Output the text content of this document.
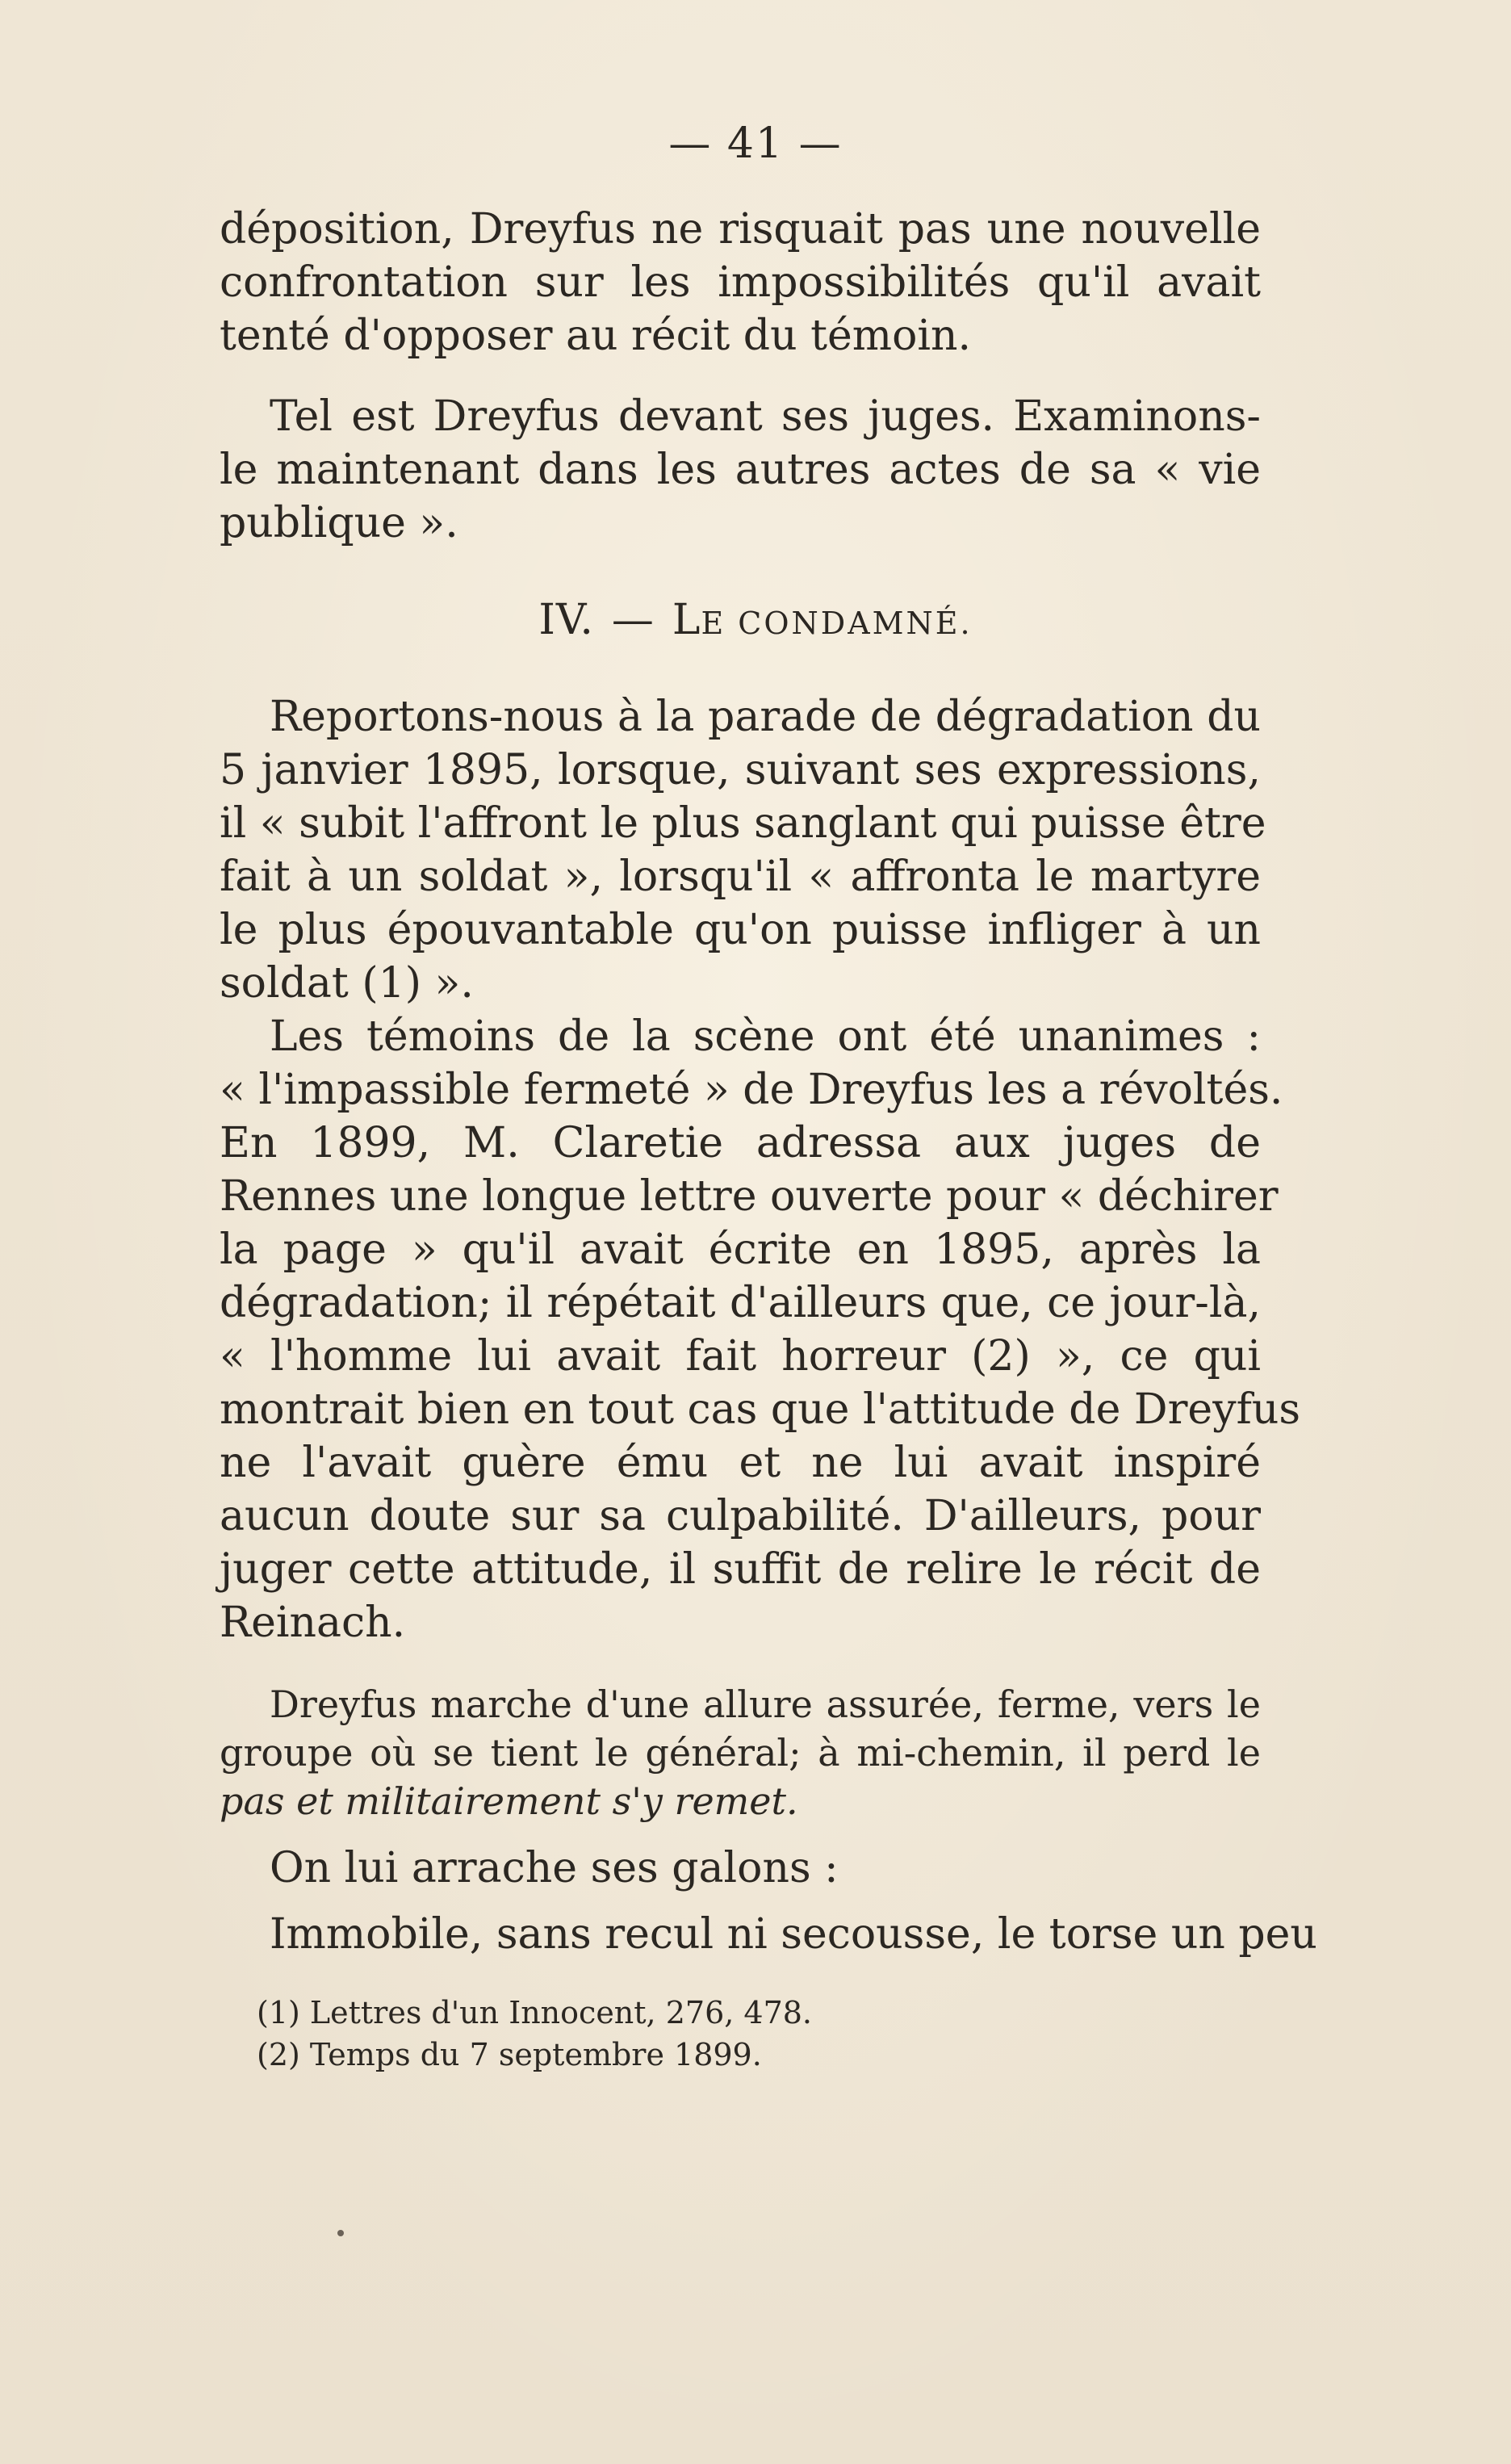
— 41 —
déposition, Dreyfus ne risquait pas une nouvelle
confrontation sur les impossibilités qu'il avait
tenté d'opposer au récit du témoin.
Tel est Dreyfus devant ses juges. Examinons-
le maintenant dans les autres actes de sa « vie
publique ».
IV. — LE CONDAMNÉ.
Reportons-nous à la parade de dégradation du
5 janvier 1895, lorsque, suivant ses expressions,
il « subit l'affront le plus sanglant qui puisse être
fait à un soldat », lorsqu'il « affronta le martyre
le plus épouvantable qu'on puisse infliger à un
soldat (1) ».
Les témoins de la scène ont été unanimes :
« l'impassible fermeté » de Dreyfus les a révoltés.
En 1899, M. Claretie adressa aux juges de
Rennes une longue lettre ouverte pour « déchirer
la page » qu'il avait écrite en 1895, après la
dégradation; il répétait d'ailleurs que, ce jour-là,
« l'homme lui avait fait horreur (2) », ce qui
montrait bien en tout cas que l'attitude de Dreyfus
ne l'avait guère ému et ne lui avait inspiré
aucun doute sur sa culpabilité. D'ailleurs, pour
juger cette attitude, il suffit de relire le récit de
Reinach.
Dreyfus marche d'une allure assurée, ferme, vers le
groupe où se tient le général; à mi-chemin, il perd le
pas et militairement s'y remet.
On lui arrache ses galons :
Immobile, sans recul ni secousse, le torse un peu
(1) Lettres d'un Innocent, 276, 478.
(2) Temps du 7 septembre 1899.
